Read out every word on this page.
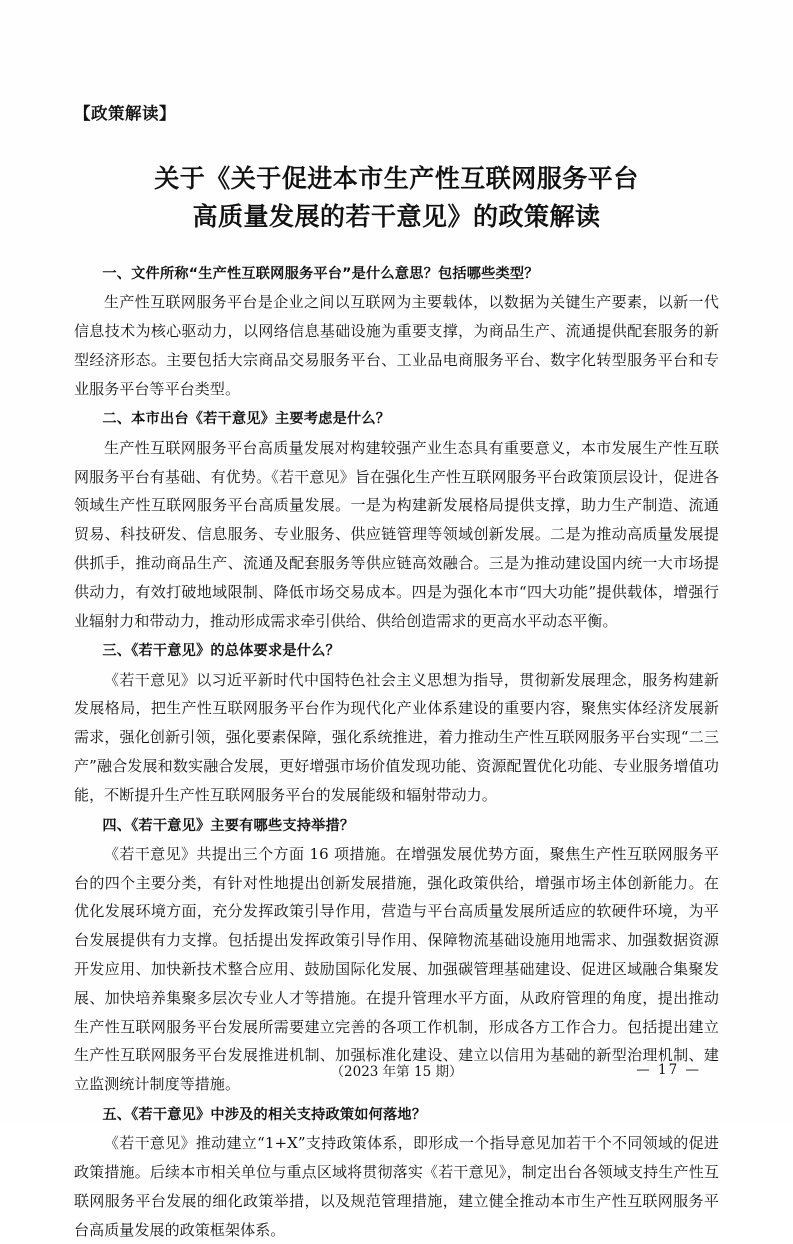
【政策解读】
关于《关于促进本市生产性互联网服务平台
高质量发展的若干意见》的政策解读
一、文件所称“生产性互联网服务平台”是什么意思？包括哪些类型？
生产性互联网服务平台是企业之间以互联网为主要载体，以数据为关键生产要素，以新一代信息技术为核心驱动力，以网络信息基础设施为重要支撑，为商品生产、流通提供配套服务的新型经济形态。主要包括大宗商品交易服务平台、工业品电商服务平台、数字化转型服务平台和专业服务平台等平台类型。
二、本市出台《若干意见》主要考虑是什么？
生产性互联网服务平台高质量发展对构建较强产业生态具有重要意义，本市发展生产性互联网服务平台有基础、有优势。《若干意见》旨在强化生产性互联网服务平台政策顶层设计，促进各领域生产性互联网服务平台高质量发展。一是为构建新发展格局提供支撑，助力生产制造、流通贸易、科技研发、信息服务、专业服务、供应链管理等领域创新发展。二是为推动高质量发展提供抓手，推动商品生产、流通及配套服务等供应链高效融合。三是为推动建设国内统一大市场提供动力，有效打破地域限制、降低市场交易成本。四是为强化本市“四大功能”提供载体，增强行业辐射力和带动力，推动形成需求牵引供给、供给创造需求的更高水平动态平衡。
三、《若干意见》的总体要求是什么？
《若干意见》以习近平新时代中国特色社会主义思想为指导，贯彻新发展理念，服务构建新发展格局，把生产性互联网服务平台作为现代化产业体系建设的重要内容，聚焦实体经济发展新需求，强化创新引领，强化要素保障，强化系统推进，着力推动生产性互联网服务平台实现“二三产”融合发展和数实融合发展，更好增强市场价值发现功能、资源配置优化功能、专业服务增值功能，不断提升生产性互联网服务平台的发展能级和辐射带动力。
四、《若干意见》主要有哪些支持举措？
《若干意见》共提出三个方面 16 项措施。在增强发展优势方面，聚焦生产性互联网服务平台的四个主要分类，有针对性地提出创新发展措施，强化政策供给，增强市场主体创新能力。在优化发展环境方面，充分发挥政策引导作用，营造与平台高质量发展所适应的软硬件环境，为平台发展提供有力支撑。包括提出发挥政策引导作用、保障物流基础设施用地需求、加强数据资源开发应用、加快新技术整合应用、鼓励国际化发展、加强碳管理基础建设、促进区域融合集聚发展、加快培养集聚多层次专业人才等措施。在提升管理水平方面，从政府管理的角度，提出推动生产性互联网服务平台发展所需要建立完善的各项工作机制，形成各方工作合力。包括提出建立生产性互联网服务平台发展推进机制、加强标准化建设、建立以信用为基础的新型治理机制、建立监测统计制度等措施。
五、《若干意见》中涉及的相关支持政策如何落地？
《若干意见》推动建立“1+X”支持政策体系，即形成一个指导意见加若干个不同领域的促进政策措施。后续本市相关单位与重点区域将贯彻落实《若干意见》，制定出台各领域支持生产性互联网服务平台发展的细化政策举措，以及规范管理措施，建立健全推动本市生产性互联网服务平台高质量发展的政策框架体系。
（2023 年第 15 期）	— 17 —
